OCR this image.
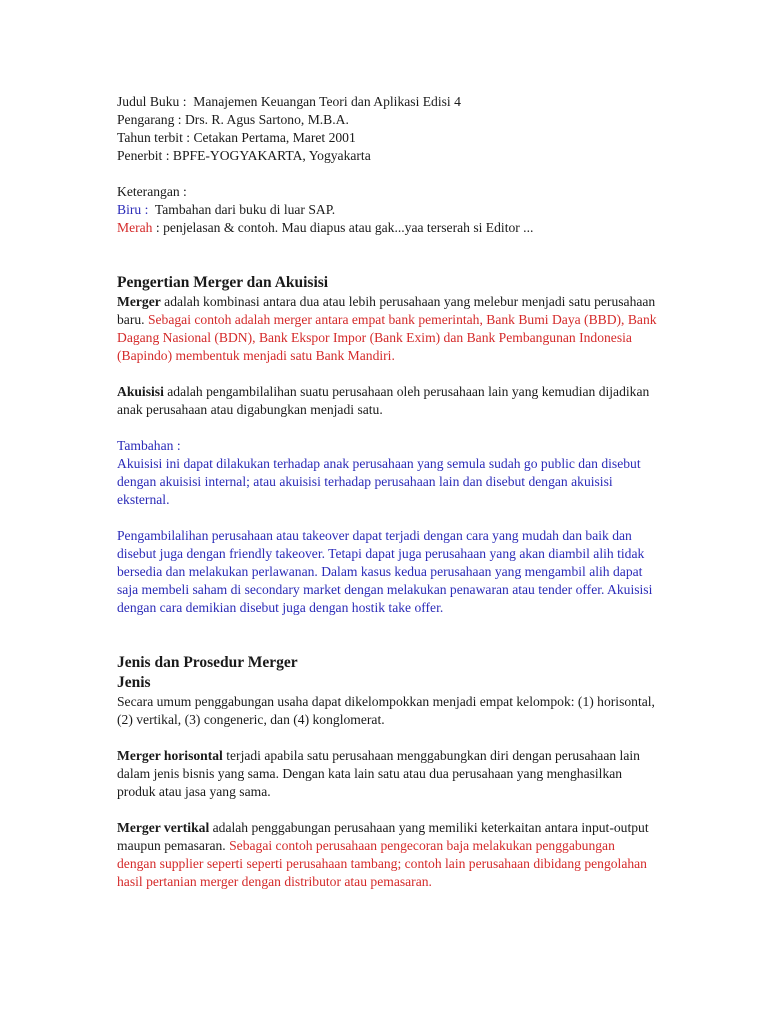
Judul Buku : Manajemen Keuangan Teori dan Aplikasi Edisi 4
Pengarang : Drs. R. Agus Sartono, M.B.A.
Tahun terbit : Cetakan Pertama, Maret 2001
Penerbit : BPFE-YOGYAKARTA, Yogyakarta
Keterangan :
Biru : Tambahan dari buku di luar SAP.
Merah : penjelasan & contoh. Mau diapus atau gak...yaa terserah si Editor ...
Pengertian Merger dan Akuisisi

Merger adalah kombinasi antara dua atau lebih perusahaan yang melebur menjadi satu perusahaan baru. Sebagai contoh adalah merger antara empat bank pemerintah, Bank Bumi Daya (BBD), Bank Dagang Nasional (BDN), Bank Ekspor Impor (Bank Exim) dan Bank Pembangunan Indonesia (Bapindo) membentuk menjadi satu Bank Mandiri.

Akuisisi adalah pengambilalihan suatu perusahaan oleh perusahaan lain yang kemudian dijadikan anak perusahaan atau digabungkan menjadi satu.

Tambahan :

Akuisisi ini dapat dilakukan terhadap anak perusahaan yang semula sudah go public dan disebut dengan akuisisi internal; atau akuisisi terhadap perusahaan lain dan disebut dengan akuisisi eksternal.

Pengambilalihan perusahaan atau takeover dapat terjadi dengan cara yang mudah dan baik dan disebut juga dengan friendly takeover. Tetapi dapat juga perusahaan yang akan diambil alih tidak bersedia dan melakukan perlawanan. Dalam kasus kedua perusahaan yang mengambil alih dapat saja membeli saham di secondary market dengan melakukan penawaran atau tender offer. Akuisisi dengan cara demikian disebut juga dengan hostik take offer.

Jenis dan Prosedur Merger
Jenis

Secara umum penggabungan usaha dapat dikelompokkan menjadi empat kelompok: (1) horisontal, (2) vertikal, (3) congeneric, dan (4) konglomerat.

Merger horisontal terjadi apabila satu perusahaan menggabungkan diri dengan perusahaan lain dalam jenis bisnis yang sama. Dengan kata lain satu atau dua perusahaan yang menghasilkan produk atau jasa yang sama.

Merger vertikal adalah penggabungan perusahaan yang memiliki keterkaitan antara input-output maupun pemasaran. Sebagai contoh perusahaan pengecoran baja melakukan penggabungan dengan supplier seperti seperti perusahaan tambang; contoh lain perusahaan dibidang pengolahan hasil pertanian merger dengan distributor atau pemasaran.
